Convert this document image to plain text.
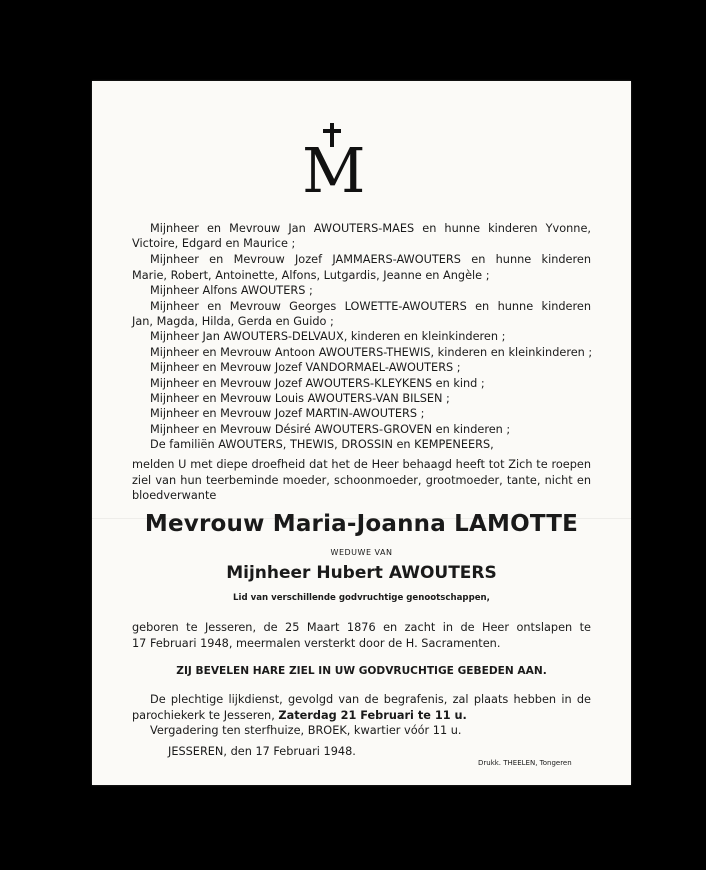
M
Mijnheer en Mevrouw Jan AWOUTERS-MAES en hunne kinderen Yvonne,
Victoire, Edgard en Maurice ;
Mijnheer en Mevrouw Jozef JAMMAERS-AWOUTERS en hunne kinderen
Marie, Robert, Antoinette, Alfons, Lutgardis, Jeanne en Angèle ;
Mijnheer Alfons AWOUTERS ;
Mijnheer en Mevrouw Georges LOWETTE-AWOUTERS en hunne kinderen
Jan, Magda, Hilda, Gerda en Guido ;
Mijnheer Jan AWOUTERS-DELVAUX, kinderen en kleinkinderen ;
Mijnheer en Mevrouw Antoon AWOUTERS-THEWIS, kinderen en kleinkinderen ;
Mijnheer en Mevrouw Jozef VANDORMAEL-AWOUTERS ;
Mijnheer en Mevrouw Jozef AWOUTERS-KLEYKENS en kind ;
Mijnheer en Mevrouw Louis AWOUTERS-VAN BILSEN ;
Mijnheer en Mevrouw Jozef MARTIN-AWOUTERS ;
Mijnheer en Mevrouw Désiré AWOUTERS-GROVEN en kinderen ;
De familiën AWOUTERS, THEWIS, DROSSIN en KEMPENEERS,
melden U met diepe droefheid dat het de Heer behaagd heeft tot Zich te roepen
ziel van hun teerbeminde moeder, schoonmoeder, grootmoeder, tante, nicht en
bloedverwante
Mevrouw Maria-Joanna LAMOTTE
WEDUWE VAN
Mijnheer Hubert AWOUTERS
Lid van verschillende godvruchtige genootschappen,
geboren te Jesseren, de 25 Maart 1876 en zacht in de Heer ontslapen te
17 Februari 1948, meermalen versterkt door de H. Sacramenten.
ZIJ BEVELEN HARE ZIEL IN UW GODVRUCHTIGE GEBEDEN AAN.
De plechtige lijkdienst, gevolgd van de begrafenis, zal plaats hebben in de
parochiekerk te Jesseren, Zaterdag 21 Februari te 11 u.
Vergadering ten sterfhuize, BROEK, kwartier vóór 11 u.
JESSEREN, den 17 Februari 1948.
Drukk. THEELEN, Tongeren
